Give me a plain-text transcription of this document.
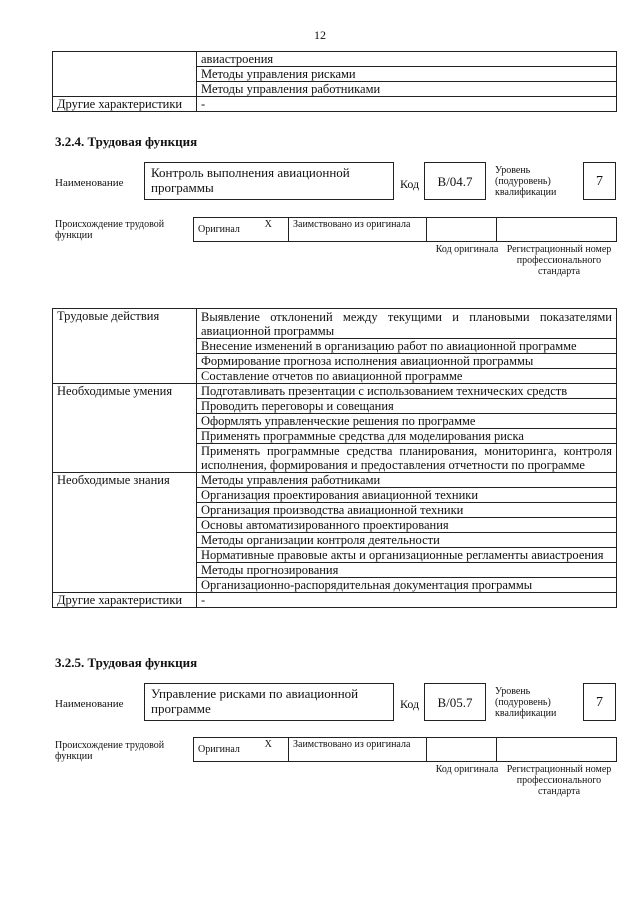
12
	авиастроения
	Методы управления рисками
	Методы управления работниками
Другие характеристики	-
3.2.4. Трудовая функция
Наименование
Контроль выполнения авиационной программы	Код	B/04.7
Уровень (подуровень) квалификации
7
Происхождение трудовой функции
Оригинал	X	Заимствовано из оригинала		
Код оригинала Регистрационный номер профессионального стандарта
Трудовые действия	Выявление отклонений между текущими и плановыми показателями авиационной программы
	Внесение изменений в организацию работ по авиационной программе
	Формирование прогноза исполнения авиационной программы
	Составление отчетов по авиационной программе
Необходимые умения	Подготавливать презентации с использованием технических средств
	Проводить переговоры и совещания
	Оформлять управленческие решения по программе
	Применять программные средства для моделирования риска
	Применять программные средства планирования, мониторинга, контроля исполнения, формирования и предоставления отчетности по программе
Необходимые знания	Методы управления работниками
	Организация проектирования авиационной техники
	Организация производства авиационной техники
	Основы автоматизированного проектирования
	Методы организации контроля деятельности
	Нормативные правовые акты и организационные регламенты авиастроения
	Методы прогнозирования
	Организационно-распорядительная документация программы
Другие характеристики	-
3.2.5. Трудовая функция
Наименование
Управление рисками по авиационной программе	Код	B/05.7
Уровень (подуровень) квалификации
7
Происхождение трудовой функции
Оригинал	X	Заимствовано из оригинала		
Код оригинала Регистрационный номер профессионального стандарта
